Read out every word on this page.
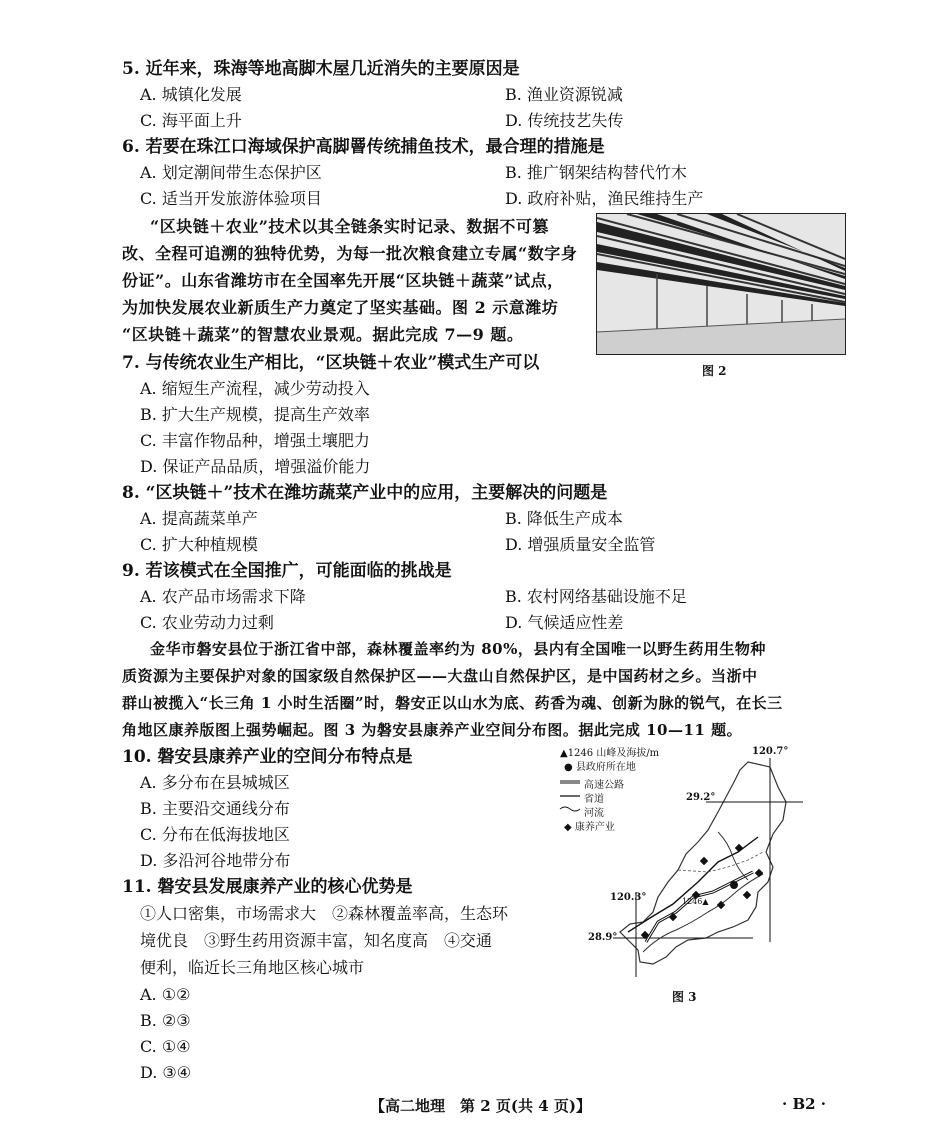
5. 近年来，珠海等地高脚木屋几近消失的主要原因是
A. 城镇化发展	B. 渔业资源锐减
C. 海平面上升	D. 传统技艺失传
6. 若要在珠江口海域保护高脚罾传统捕鱼技术，最合理的措施是
A. 划定潮间带生态保护区	B. 推广钢架结构替代竹木
C. 适当开发旅游体验项目	D. 政府补贴，渔民维持生产
“区块链＋农业”技术以其全链条实时记录、数据不可篡
改、全程可追溯的独特优势，为每一批次粮食建立专属“数字身
份证”。山东省潍坊市在全国率先开展“区块链＋蔬菜”试点，
为加快发展农业新质生产力奠定了坚实基础。图 2 示意潍坊
“区块链＋蔬菜”的智慧农业景观。据此完成 7—9 题。
图 2
7. 与传统农业生产相比，“区块链＋农业”模式生产可以
A. 缩短生产流程，减少劳动投入
B. 扩大生产规模，提高生产效率
C. 丰富作物品种，增强土壤肥力
D. 保证产品品质，增强溢价能力
8. “区块链＋”技术在潍坊蔬菜产业中的应用，主要解决的问题是
A. 提高蔬菜单产	B. 降低生产成本
C. 扩大种植规模	D. 增强质量安全监管
9. 若该模式在全国推广，可能面临的挑战是
A. 农产品市场需求下降	B. 农村网络基础设施不足
C. 农业劳动力过剩	D. 气候适应性差
金华市磐安县位于浙江省中部，森林覆盖率约为 80%，县内有全国唯一以野生药用生物种
质资源为主要保护对象的国家级自然保护区——大盘山自然保护区，是中国药材之乡。当浙中
群山被揽入“长三角 1 小时生活圈”时，磐安正以山水为底、药香为魂、创新为脉的锐气，在长三
角地区康养版图上强势崛起。图 3 为磐安县康养产业空间分布图。据此完成 10—11 题。
10. 磐安县康养产业的空间分布特点是
A. 多分布在县城城区
B. 主要沿交通线分布
C. 分布在低海拔地区
D. 多沿河谷地带分布
11. 磐安县发展康养产业的核心优势是
①人口密集，市场需求大　②森林覆盖率高，生态环
境优良　③野生药用资源丰富，知名度高　④交通
便利，临近长三角地区核心城市
A. ①②
B. ②③
C. ①④
D. ③④
▲1246 山峰及海拔/m
● 县政府所在地
高速公路
省道
河流
◆ 康养产业
120.7°
29.2°
120.3°
28.9°
1246▲
图 3
【高二地理　第 2 页(共 4 页)】	· B2 ·
